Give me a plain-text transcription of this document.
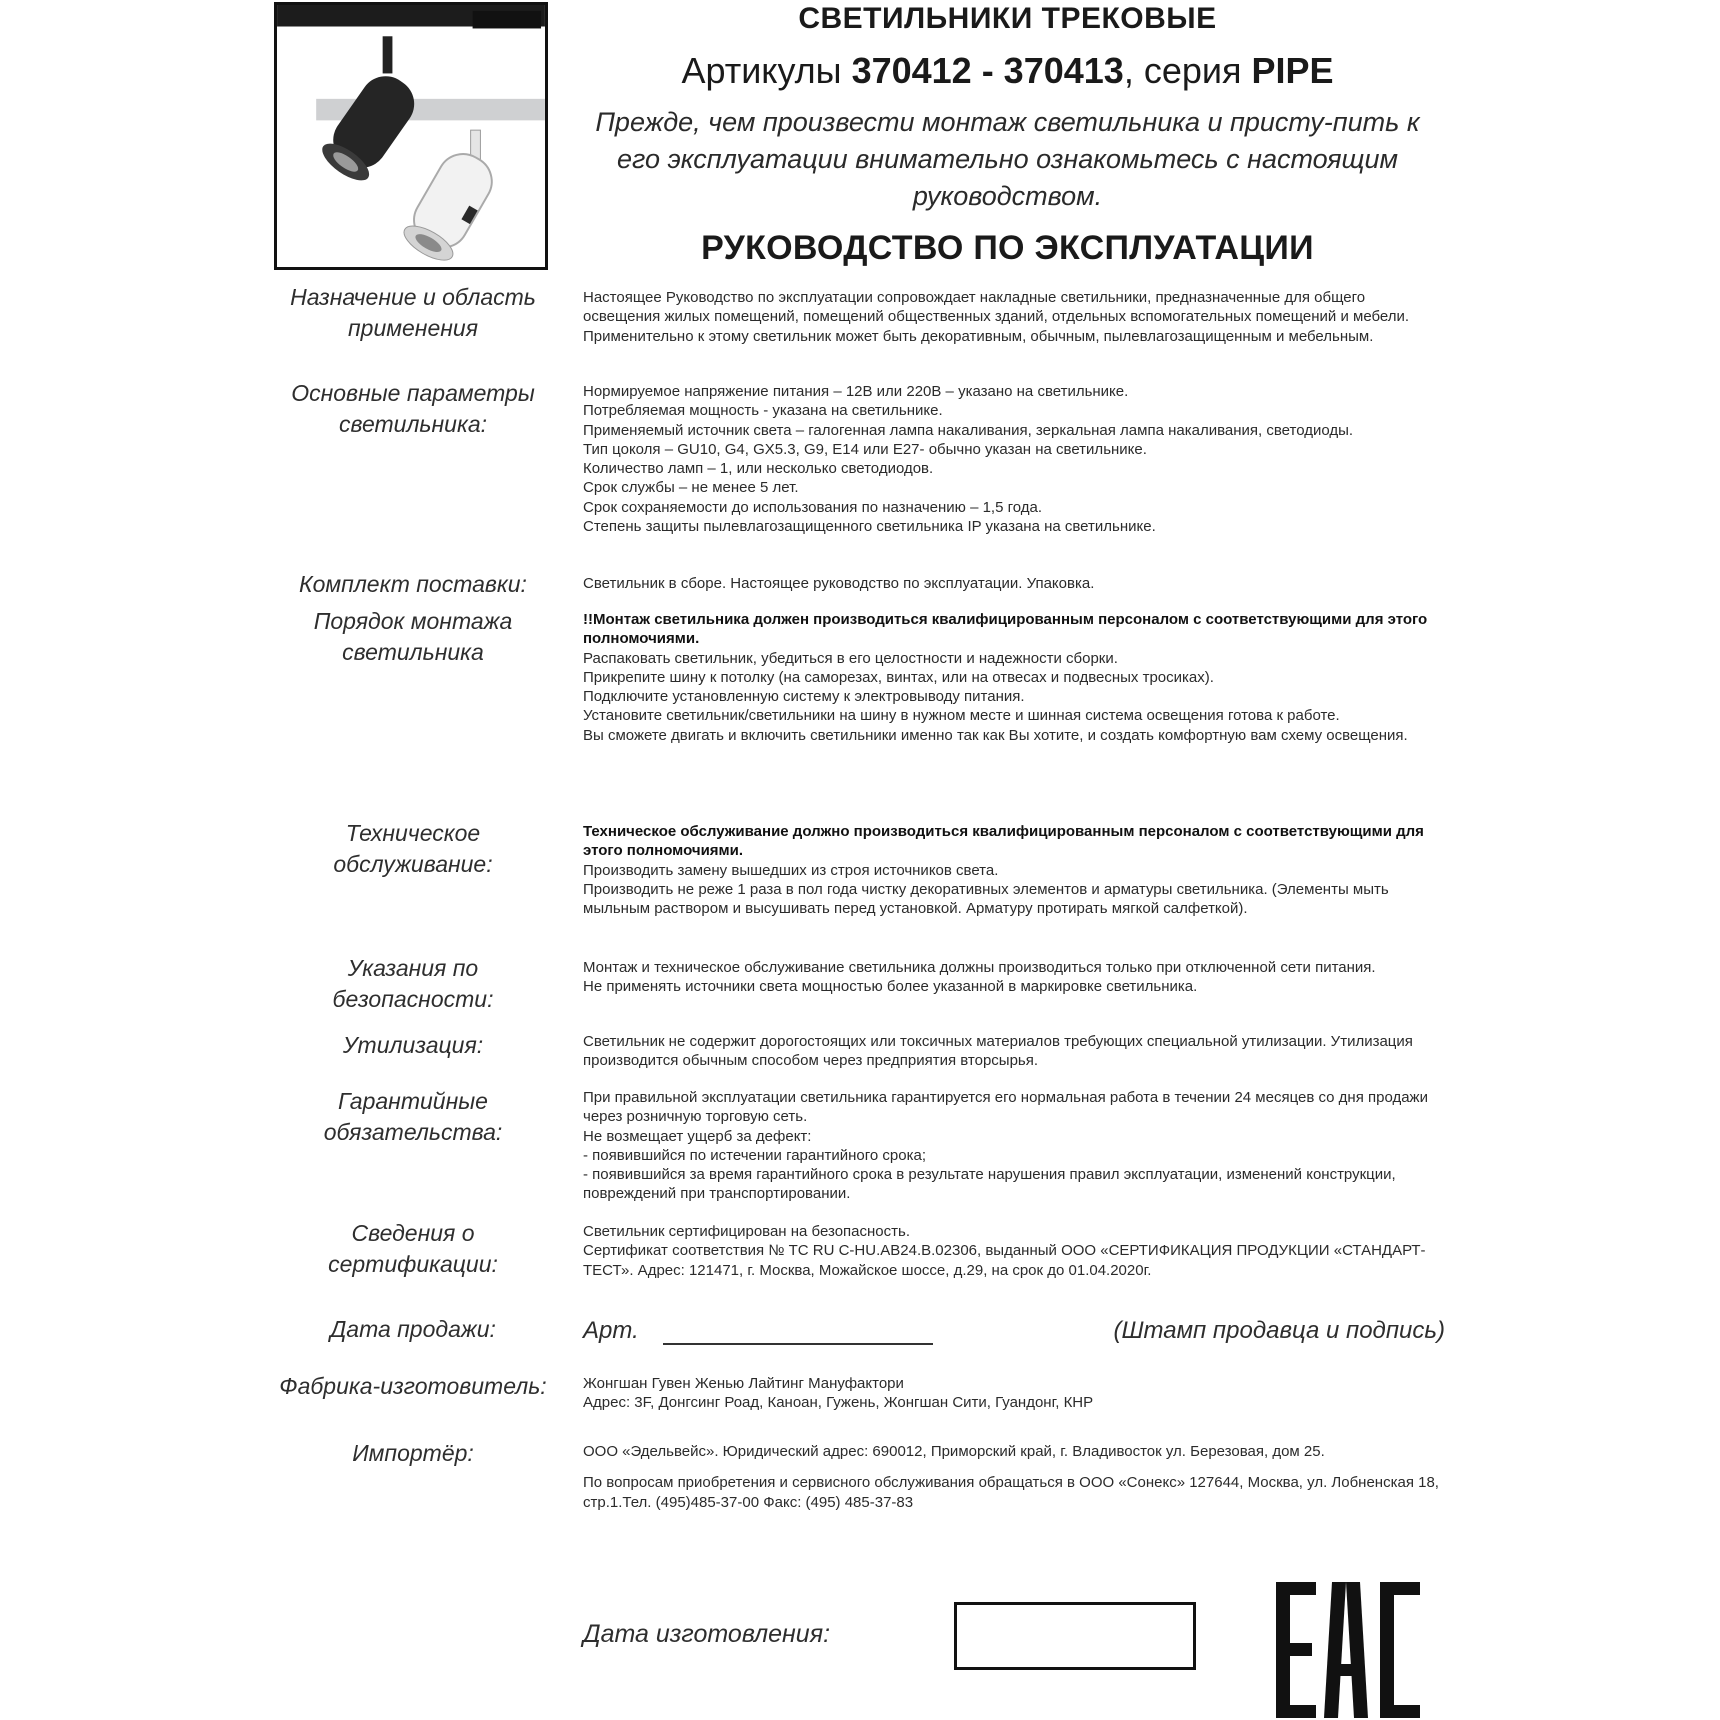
СВЕТИЛЬНИКИ ТРЕКОВЫЕ
Артикулы 370412 - 370413, серия PIPE
Прежде, чем произвести монтаж светильника и присту-пить к его эксплуатации внимательно ознакомьтесь с настоящим руководством.
РУКОВОДСТВО ПО ЭКСПЛУАТАЦИИ
Назначение и область применения

Настоящее Руководство по эксплуатации сопровождает накладные светильники, предназначенные для общего освещения жилых помещений, помещений общественных зданий, отдельных вспомогательных помещений и мебели. Применительно к этому светильник может быть декоративным, обычным, пылевлагозащищенным и мебельным.

Основные параметры светильника:

Нормируемое напряжение питания – 12В или 220В – указано на светильнике.

Потребляемая мощность - указана на светильнике.

Применяемый источник света – галогенная лампа накаливания, зеркальная лампа накаливания, светодиоды.

Тип цоколя – GU10, G4, GX5.3, G9, E14 или E27- обычно указан на светильнике.

Количество ламп – 1, или несколько светодиодов.

Срок службы – не менее 5 лет.

Срок сохраняемости до использования по назначению – 1,5 года.

Степень защиты пылевлагозащищенного светильника IP указана на светильнике.

Комплект поставки:	Светильник в сборе. Настоящее руководство по эксплуатации. Упаковка.

Порядок монтажа светильника

!!Монтаж светильника должен производиться квалифицированным персоналом с соответствующими для этого полномочиями.

Распаковать светильник, убедиться в его целостности и надежности сборки.

Прикрепите шину к потолку (на саморезах, винтах, или на отвесах и подвесных тросиках).

Подключите установленную систему к электровыводу питания.

Установите светильник/светильники на шину в нужном месте и шинная система освещения готова к работе.

Вы сможете двигать и включить светильники именно так как Вы хотите, и создать комфортную вам схему освещения.

Техническое обслуживание:

Техническое обслуживание должно производиться квалифицированным персоналом с соответствующими для этого полномочиями.

Производить замену вышедших из строя источников света.

Производить не реже 1 раза в пол года чистку декоративных элементов и арматуры светильника. (Элементы мыть мыльным раствором и высушивать перед установкой. Арматуру протирать мягкой салфеткой).

Указания по безопасности:

Монтаж и техническое обслуживание светильника должны производиться только при отключенной сети питания.

Не применять источники света мощностью более указанной в маркировке светильника.

Утилизация:	Светильник не содержит дорогостоящих или токсичных материалов требующих специальной утилизации. Утилизация производится обычным способом через предприятия вторсырья.

Гарантийные обязательства:

При правильной эксплуатации светильника гарантируется его нормальная работа в течении 24 месяцев со дня продажи через розничную торговую сеть.

Не возмещает ущерб за дефект:

- появившийся по истечении гарантийного срока;

- появившийся за время гарантийного срока в результате нарушения правил эксплуатации, изменений конструкции, повреждений при транспортировании.

Сведения о сертификации:

Светильник сертифицирован на безопасность.

Сертификат соответствия № TC RU C-HU.AB24.B.02306, выданный ООО «СЕРТИФИКАЦИЯ ПРОДУКЦИИ «СТАНДАРТ-ТЕСТ». Адрес: 121471, г. Москва, Можайское шоссе, д.29, на срок до 01.04.2020г.

Дата продажи:	Арт.	(Штамп продавца и подпись)
Фабрика-изготовитель:	Жонгшан Гувен Женью Лайтинг Мануфактори

Адрес: 3F, Донгсинг Роад, Каноан, Гужень, Жонгшан Сити, Гуандонг, КНР

Импортёр:	ООО «Эдельвейс». Юридический адрес: 690012, Приморский край, г. Владивосток ул. Березовая, дом 25.

По вопросам приобретения и сервисного обслуживания обращаться в ООО «Сонекс» 127644, Москва, ул. Лобненская 18, стр.1.Тел. (495)485-37-00 Факс: (495) 485-37-83

Дата изготовления:
